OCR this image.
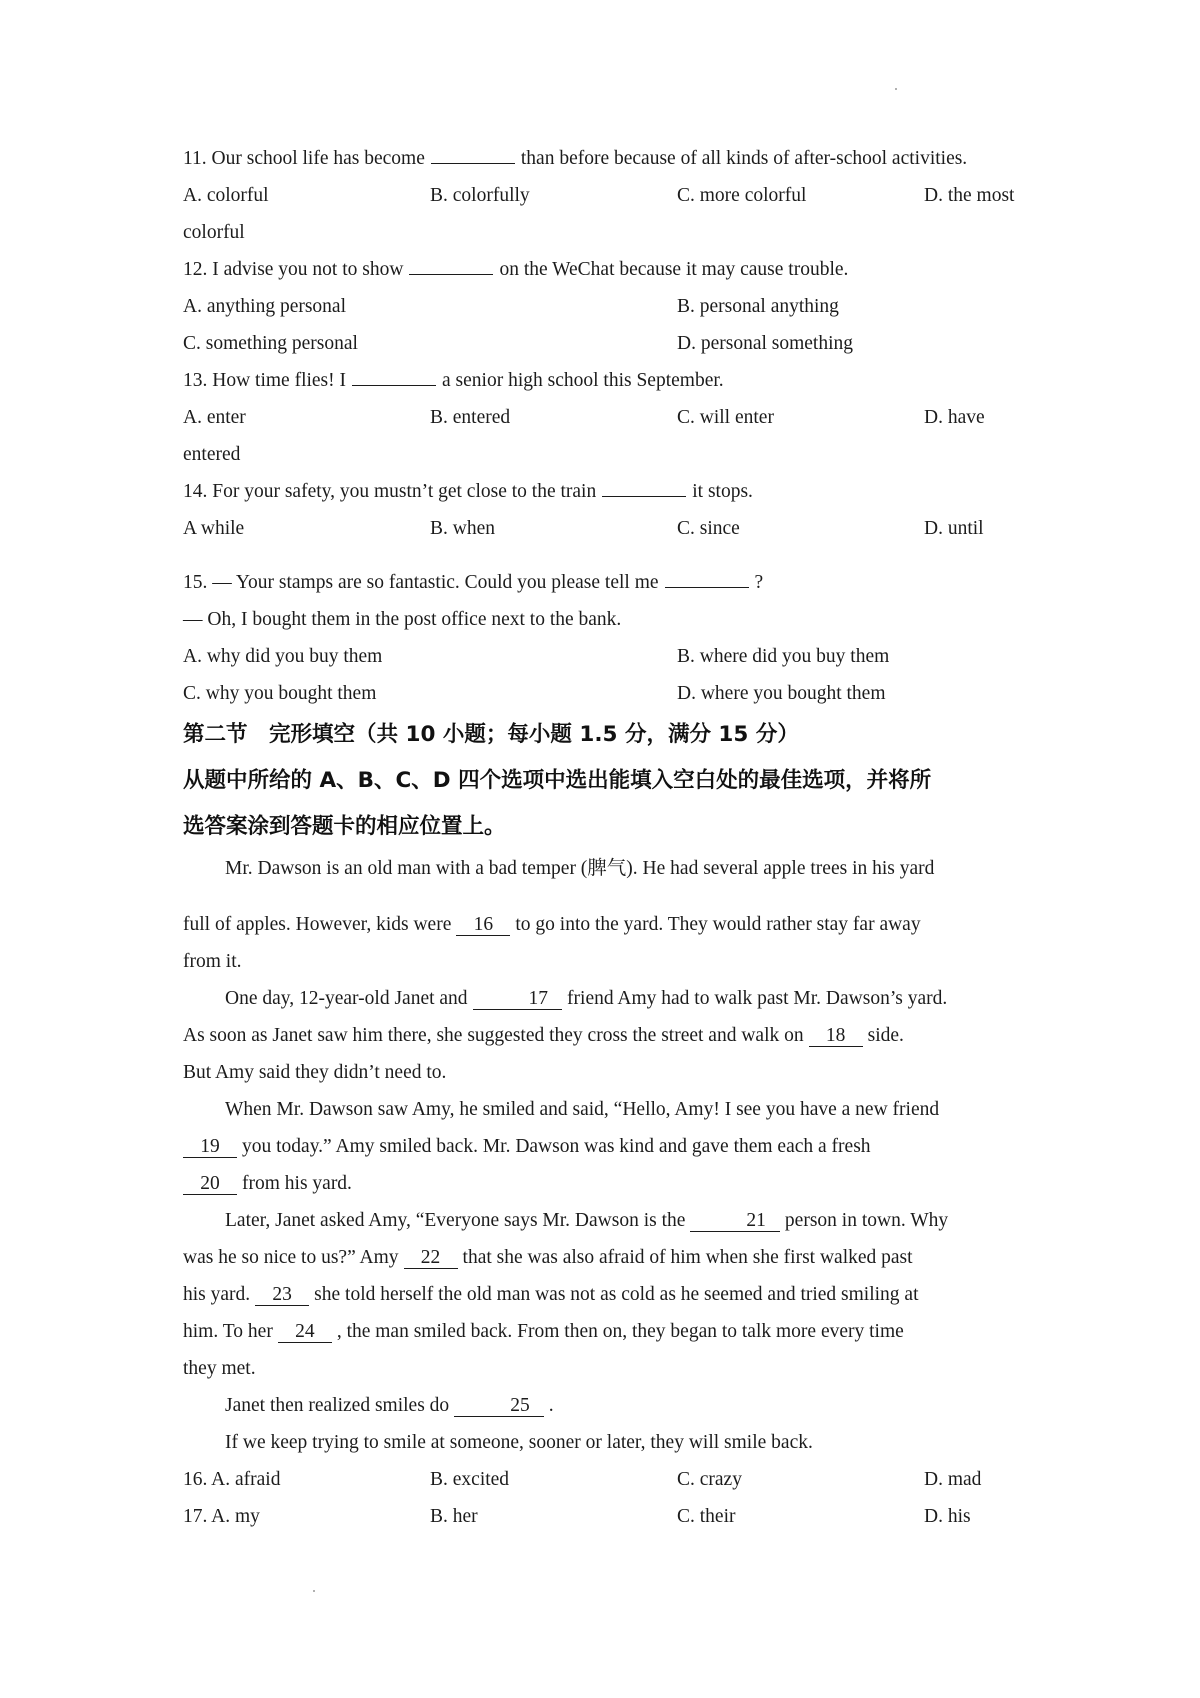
11. Our school life has become	than before because of all kinds of after-school activities.
A. colorful	B. colorfully	C. more colorful	D. the most
colorful
12. I advise you not to show	on the WeChat because it may cause trouble.
A. anything personal	B. personal anything
C. something personal	D. personal something
13. How time flies! I	a senior high school this September.
A. enter	B. entered	C. will enter	D. have
entered
14. For your safety, you mustn’t get close to the train	it stops.
A while	B. when	C. since	D. until
15. — Your stamps are so fantastic. Could you please tell me	?
— Oh, I bought them in the post office next to the bank.
A. why did you buy them	B. where did you buy them
C. why you bought them	D. where you bought them
第二节　完形填空（共 10 小题；每小题 1.5 分，满分 15 分）
从题中所给的 A、B、C、D 四个选项中选出能填入空白处的最佳选项，并将所
选答案涂到答题卡的相应位置上。
Mr. Dawson is an old man with a bad temper (脾气). He had several apple trees in his yard
full of apples. However, kids were 16 to go into the yard. They would rather stay far away
from it.
One day, 12-year-old Janet and	17 friend Amy had to walk past Mr. Dawson’s yard.
As soon as Janet saw him there, she suggested they cross the street and walk on 18 side.
But Amy said they didn’t need to.
When Mr. Dawson saw Amy, he smiled and said, “Hello, Amy! I see you have a new friend
19 you today.” Amy smiled back. Mr. Dawson was kind and gave them each a fresh
20 from his yard.
Later, Janet asked Amy, “Everyone says Mr. Dawson is the	21 person in town. Why
was he so nice to us?” Amy 22 that she was also afraid of him when she first walked past
his yard. 23 she told herself the old man was not as cold as he seemed and tried smiling at
him. To her 24 , the man smiled back. From then on, they began to talk more every time
they met.
Janet then realized smiles do	25 .
If we keep trying to smile at someone, sooner or later, they will smile back.
16. A. afraid	B. excited	C. crazy	D. mad
17. A. my	B. her	C. their	D. his
